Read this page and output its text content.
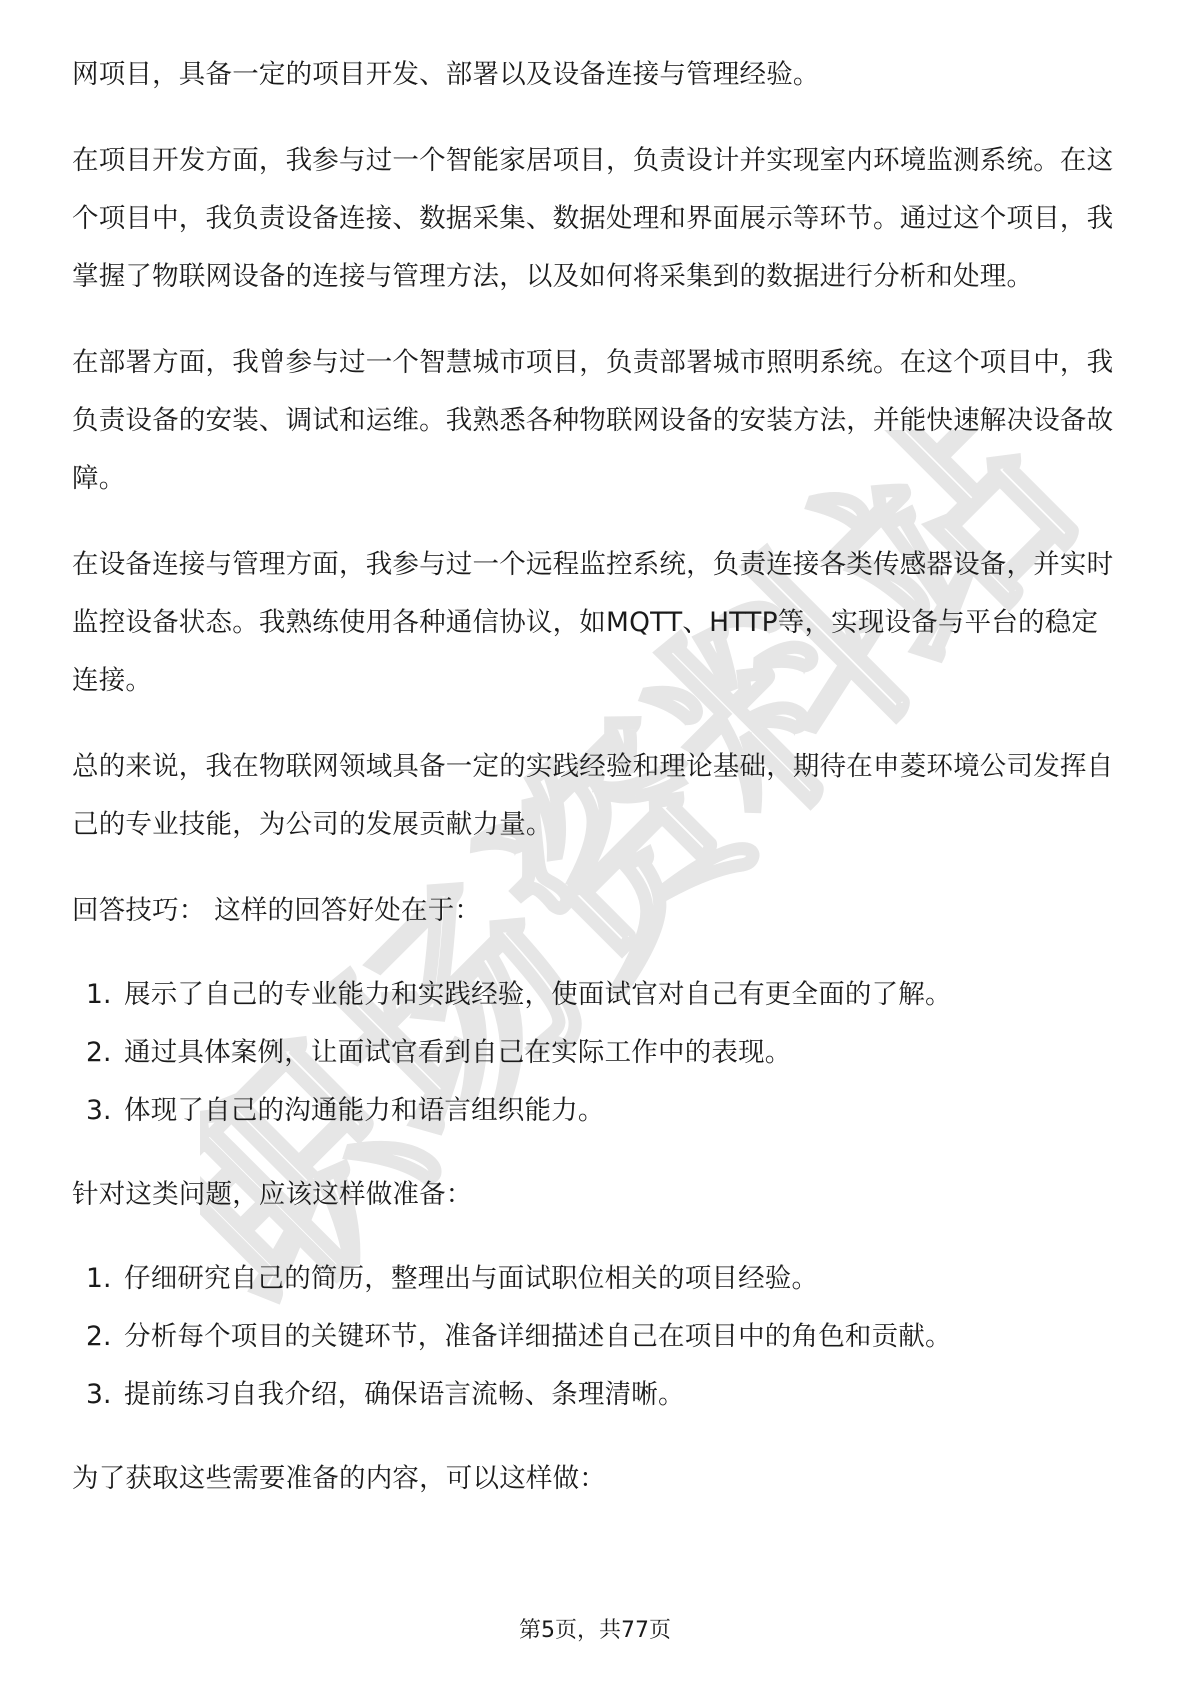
职场资料站

网项目，具备一定的项目开发、部署以及设备连接与管理经验。

在项目开发方面，我参与过一个智能家居项目，负责设计并实现室内环境监测系统。在这个项目中，我负责设备连接、数据采集、数据处理和界面展示等环节。通过这个项目，我掌握了物联网设备的连接与管理方法，以及如何将采集到的数据进行分析和处理。

在部署方面，我曾参与过一个智慧城市项目，负责部署城市照明系统。在这个项目中，我负责设备的安装、调试和运维。我熟悉各种物联网设备的安装方法，并能快速解决设备故障。

在设备连接与管理方面，我参与过一个远程监控系统，负责连接各类传感器设备，并实时监控设备状态。我熟练使用各种通信协议，如MQTT、HTTP等，实现设备与平台的稳定连接。

总的来说，我在物联网领域具备一定的实践经验和理论基础，期待在申菱环境公司发挥自己的专业技能，为公司的发展贡献力量。

回答技巧： 这样的回答好处在于：

1. 展示了自己的专业能力和实践经验，使面试官对自己有更全面的了解。
2. 通过具体案例，让面试官看到自己在实际工作中的表现。
3. 体现了自己的沟通能力和语言组织能力。

针对这类问题，应该这样做准备：

1. 仔细研究自己的简历，整理出与面试职位相关的项目经验。
2. 分析每个项目的关键环节，准备详细描述自己在项目中的角色和贡献。
3. 提前练习自我介绍，确保语言流畅、条理清晰。

为了获取这些需要准备的内容，可以这样做：

第5页，共77页
